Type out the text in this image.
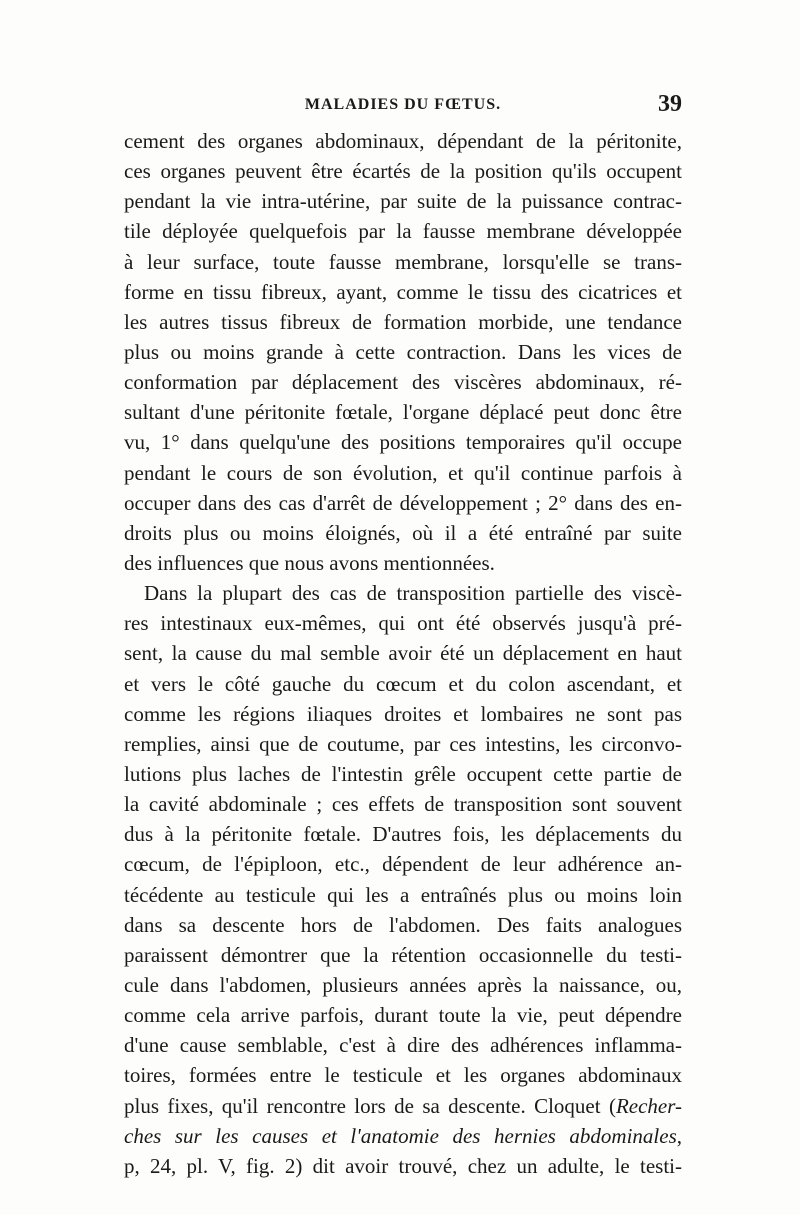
MALADIES DU FŒTUS.	39
cement des organes abdominaux, dépendant de la péritonite,
ces organes peuvent être écartés de la position qu'ils occupent
pendant la vie intra-utérine, par suite de la puissance contrac-
tile déployée quelquefois par la fausse membrane développée
à leur surface, toute fausse membrane, lorsqu'elle se trans-
forme en tissu fibreux, ayant, comme le tissu des cicatrices et
les autres tissus fibreux de formation morbide, une tendance
plus ou moins grande à cette contraction. Dans les vices de
conformation par déplacement des viscères abdominaux, ré-
sultant d'une péritonite fœtale, l'organe déplacé peut donc être
vu, 1° dans quelqu'une des positions temporaires qu'il occupe
pendant le cours de son évolution, et qu'il continue parfois à
occuper dans des cas d'arrêt de développement ; 2° dans des en-
droits plus ou moins éloignés, où il a été entraîné par suite
des influences que nous avons mentionnées.
Dans la plupart des cas de transposition partielle des viscè-
res intestinaux eux-mêmes, qui ont été observés jusqu'à pré-
sent, la cause du mal semble avoir été un déplacement en haut
et vers le côté gauche du cœcum et du colon ascendant, et
comme les régions iliaques droites et lombaires ne sont pas
remplies, ainsi que de coutume, par ces intestins, les circonvo-
lutions plus laches de l'intestin grêle occupent cette partie de
la cavité abdominale ; ces effets de transposition sont souvent
dus à la péritonite fœtale. D'autres fois, les déplacements du
cœcum, de l'épiploon, etc., dépendent de leur adhérence an-
técédente au testicule qui les a entraînés plus ou moins loin
dans sa descente hors de l'abdomen. Des faits analogues
paraissent démontrer que la rétention occasionnelle du testi-
cule dans l'abdomen, plusieurs années après la naissance, ou,
comme cela arrive parfois, durant toute la vie, peut dépendre
d'une cause semblable, c'est à dire des adhérences inflamma-
toires, formées entre le testicule et les organes abdominaux
plus fixes, qu'il rencontre lors de sa descente. Cloquet (Recher-
ches sur les causes et l'anatomie des hernies abdominales,
p, 24, pl. V, fig. 2) dit avoir trouvé, chez un adulte, le testi-
